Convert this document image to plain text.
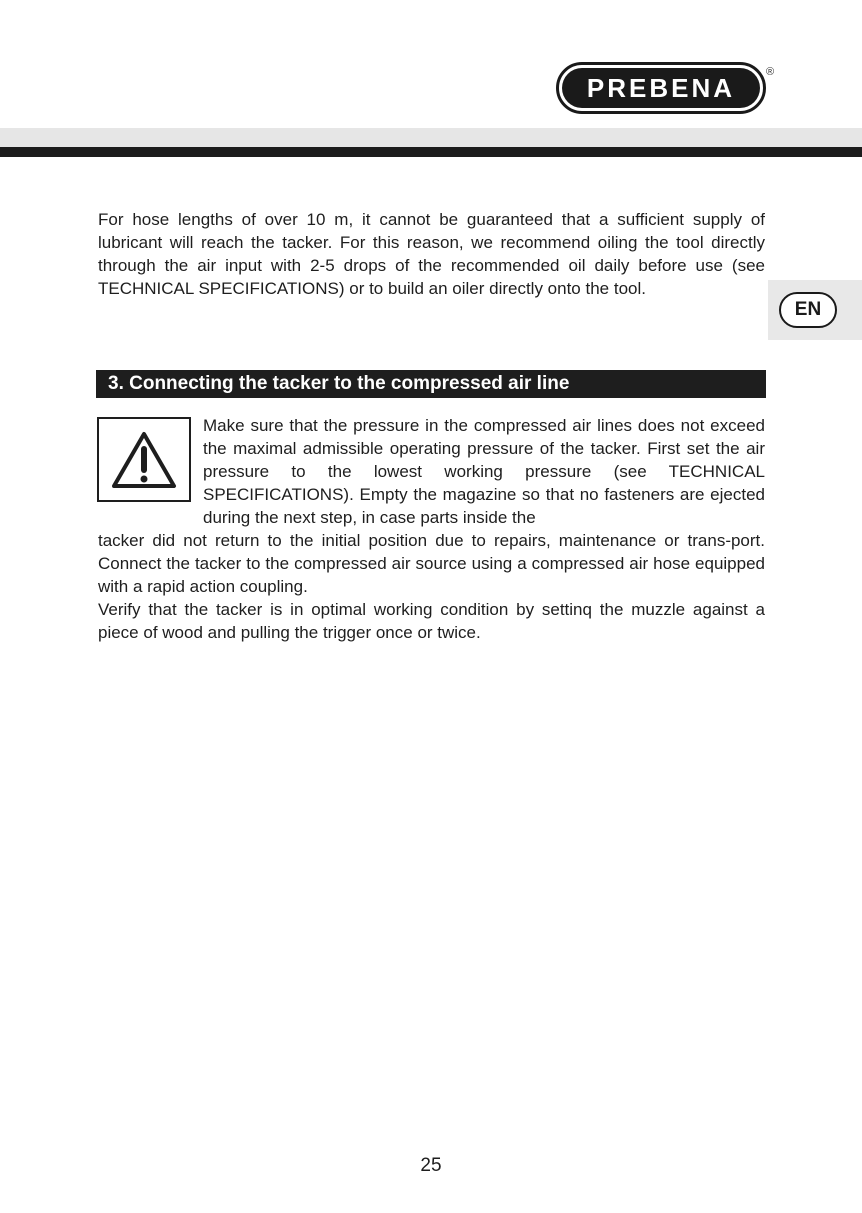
PREBENA
®
EN

For hose lengths of over 10 m, it cannot be guaranteed that a sufficient supply of lubricant will reach the tacker. For this reason, we recommend oiling the tool directly through the air input with 2-5 drops of the recommended oil daily before use (see TECHNICAL SPECIFICATIONS) or to build an oiler directly onto the tool.

3. Connecting the tacker to the compressed air line

Make sure that the pressure in the compressed air lines does not exceed the maximal admissible operating pressure of the tacker. First set the air pressure to the lowest working pressure (see TECHNICAL SPECIFICATIONS). Empty the magazine so that no fasteners are ejected during the next step, in case parts inside the

tacker did not return to the initial position due to repairs, maintenance or trans-port. Connect the tacker to the compressed air source using a compressed air hose equipped with a rapid action coupling.

Verify that the tacker is in optimal working condition by settinq the muzzle against a piece of wood and pulling the trigger once or twice.

25
